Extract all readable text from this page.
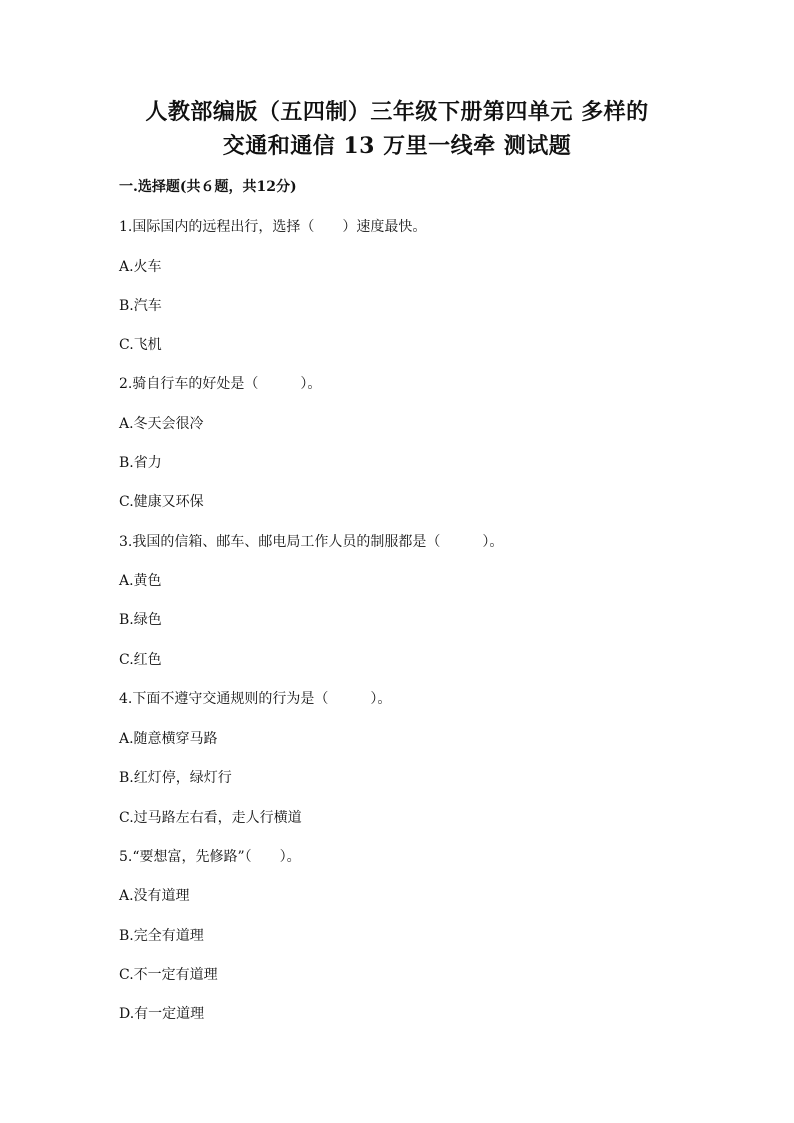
人教部编版（五四制）三年级下册第四单元 多样的
交通和通信 13 万里一线牵 测试题
一.选择题(共６题，共12分)
1.国际国内的远程出行，选择（　　）速度最快。
A.火车
B.汽车
C.飞机
2.骑自行车的好处是（　　　）。
A.冬天会很冷
B.省力
C.健康又环保
3.我国的信箱、邮车、邮电局工作人员的制服都是（　　　）。
A.黄色
B.绿色
C.红色
4.下面不遵守交通规则的行为是（　　　）。
A.随意横穿马路
B.红灯停，绿灯行
C.过马路左右看，走人行横道
5.“要想富，先修路”（　　）。
A.没有道理
B.完全有道理
C.不一定有道理
D.有一定道理
